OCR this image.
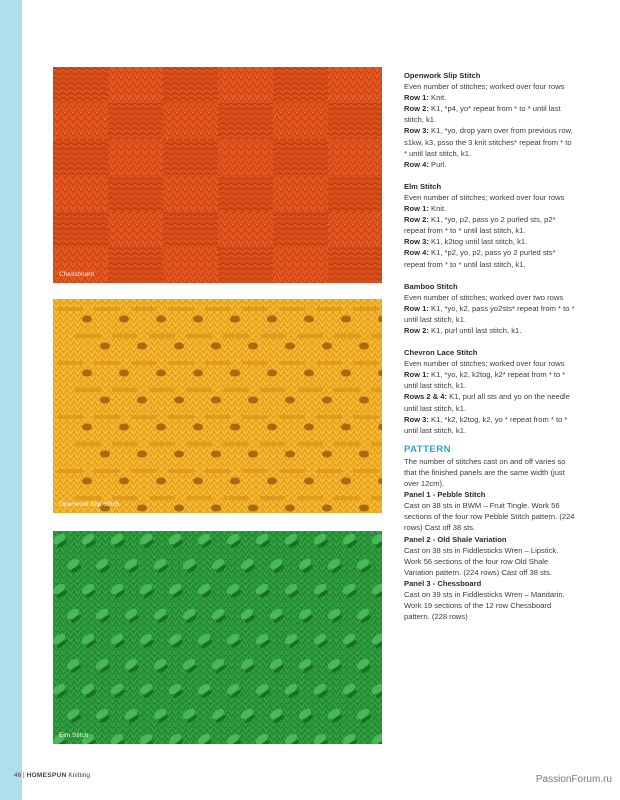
Chessboard
Openwork Slip Stitch
Elm Stitch
Openwork Slip Stitch
Even number of stitches; worked over four rows
Row 1: Knit.
Row 2: K1, *p4, yo* repeat from * to * until last stitch, k1.
Row 3: K1, *yo, drop yarn over from previous row, s1kw, k3, psso the 3 knit stitches* repeat from * to * until last stitch, k1.
Row 4: Purl.
Elm Stitch
Even number of stitches; worked over four rows
Row 1: Knit.
Row 2: K1, *yo, p2, pass yo 2 purled sts, p2* repeat from * to * until last stitch, k1.
Row 3: K1, k2tog until last stitch, k1.
Row 4: K1, *p2, yo, p2, pass yo 2 purled sts* repeat from * to * until last stitch, k1.
Bamboo Stitch
Even number of stitches; worked over two rows
Row 1: K1, *yo, k2, pass yo2sts* repeat from * to * until last stitch, k1.
Row 2: K1, purl until last stitch, k1.
Chevron Lace Stitch
Even number of stitches; worked over four rows
Row 1: K1, *yo, k2, k2tog, k2* repeat from * to * until last stitch, k1.
Rows 2 & 4: K1, purl all sts and yo on the needle until last stitch, k1.
Row 3: K1, *k2, k2tog, k2, yo * repeat from * to * until last stitch, k1.
PATTERN
The number of stitches cast on and off varies so that the finished panels are the same width (just over 12cm).
Panel 1 - Pebble Stitch
Cast on 38 sts in BWM – Fruit Tingle. Work 56 sections of the four row Pebble Stitch pattern. (224 rows) Cast off 38 sts.
Panel 2 - Old Shale Variation
Cast on 38 sts in Fiddlesticks Wren – Lipstick. Work 56 sections of the four row Old Shale Variation pattern. (224 rows) Cast off 38 sts.
Panel 3 - Chessboard
Cast on 39 sts in Fiddlesticks Wren – Mandarin. Work 19 sections of the 12 row Chessboard pattern. (228 rows)
46 | HOMESPUN Knitting	PassionForum.ru
